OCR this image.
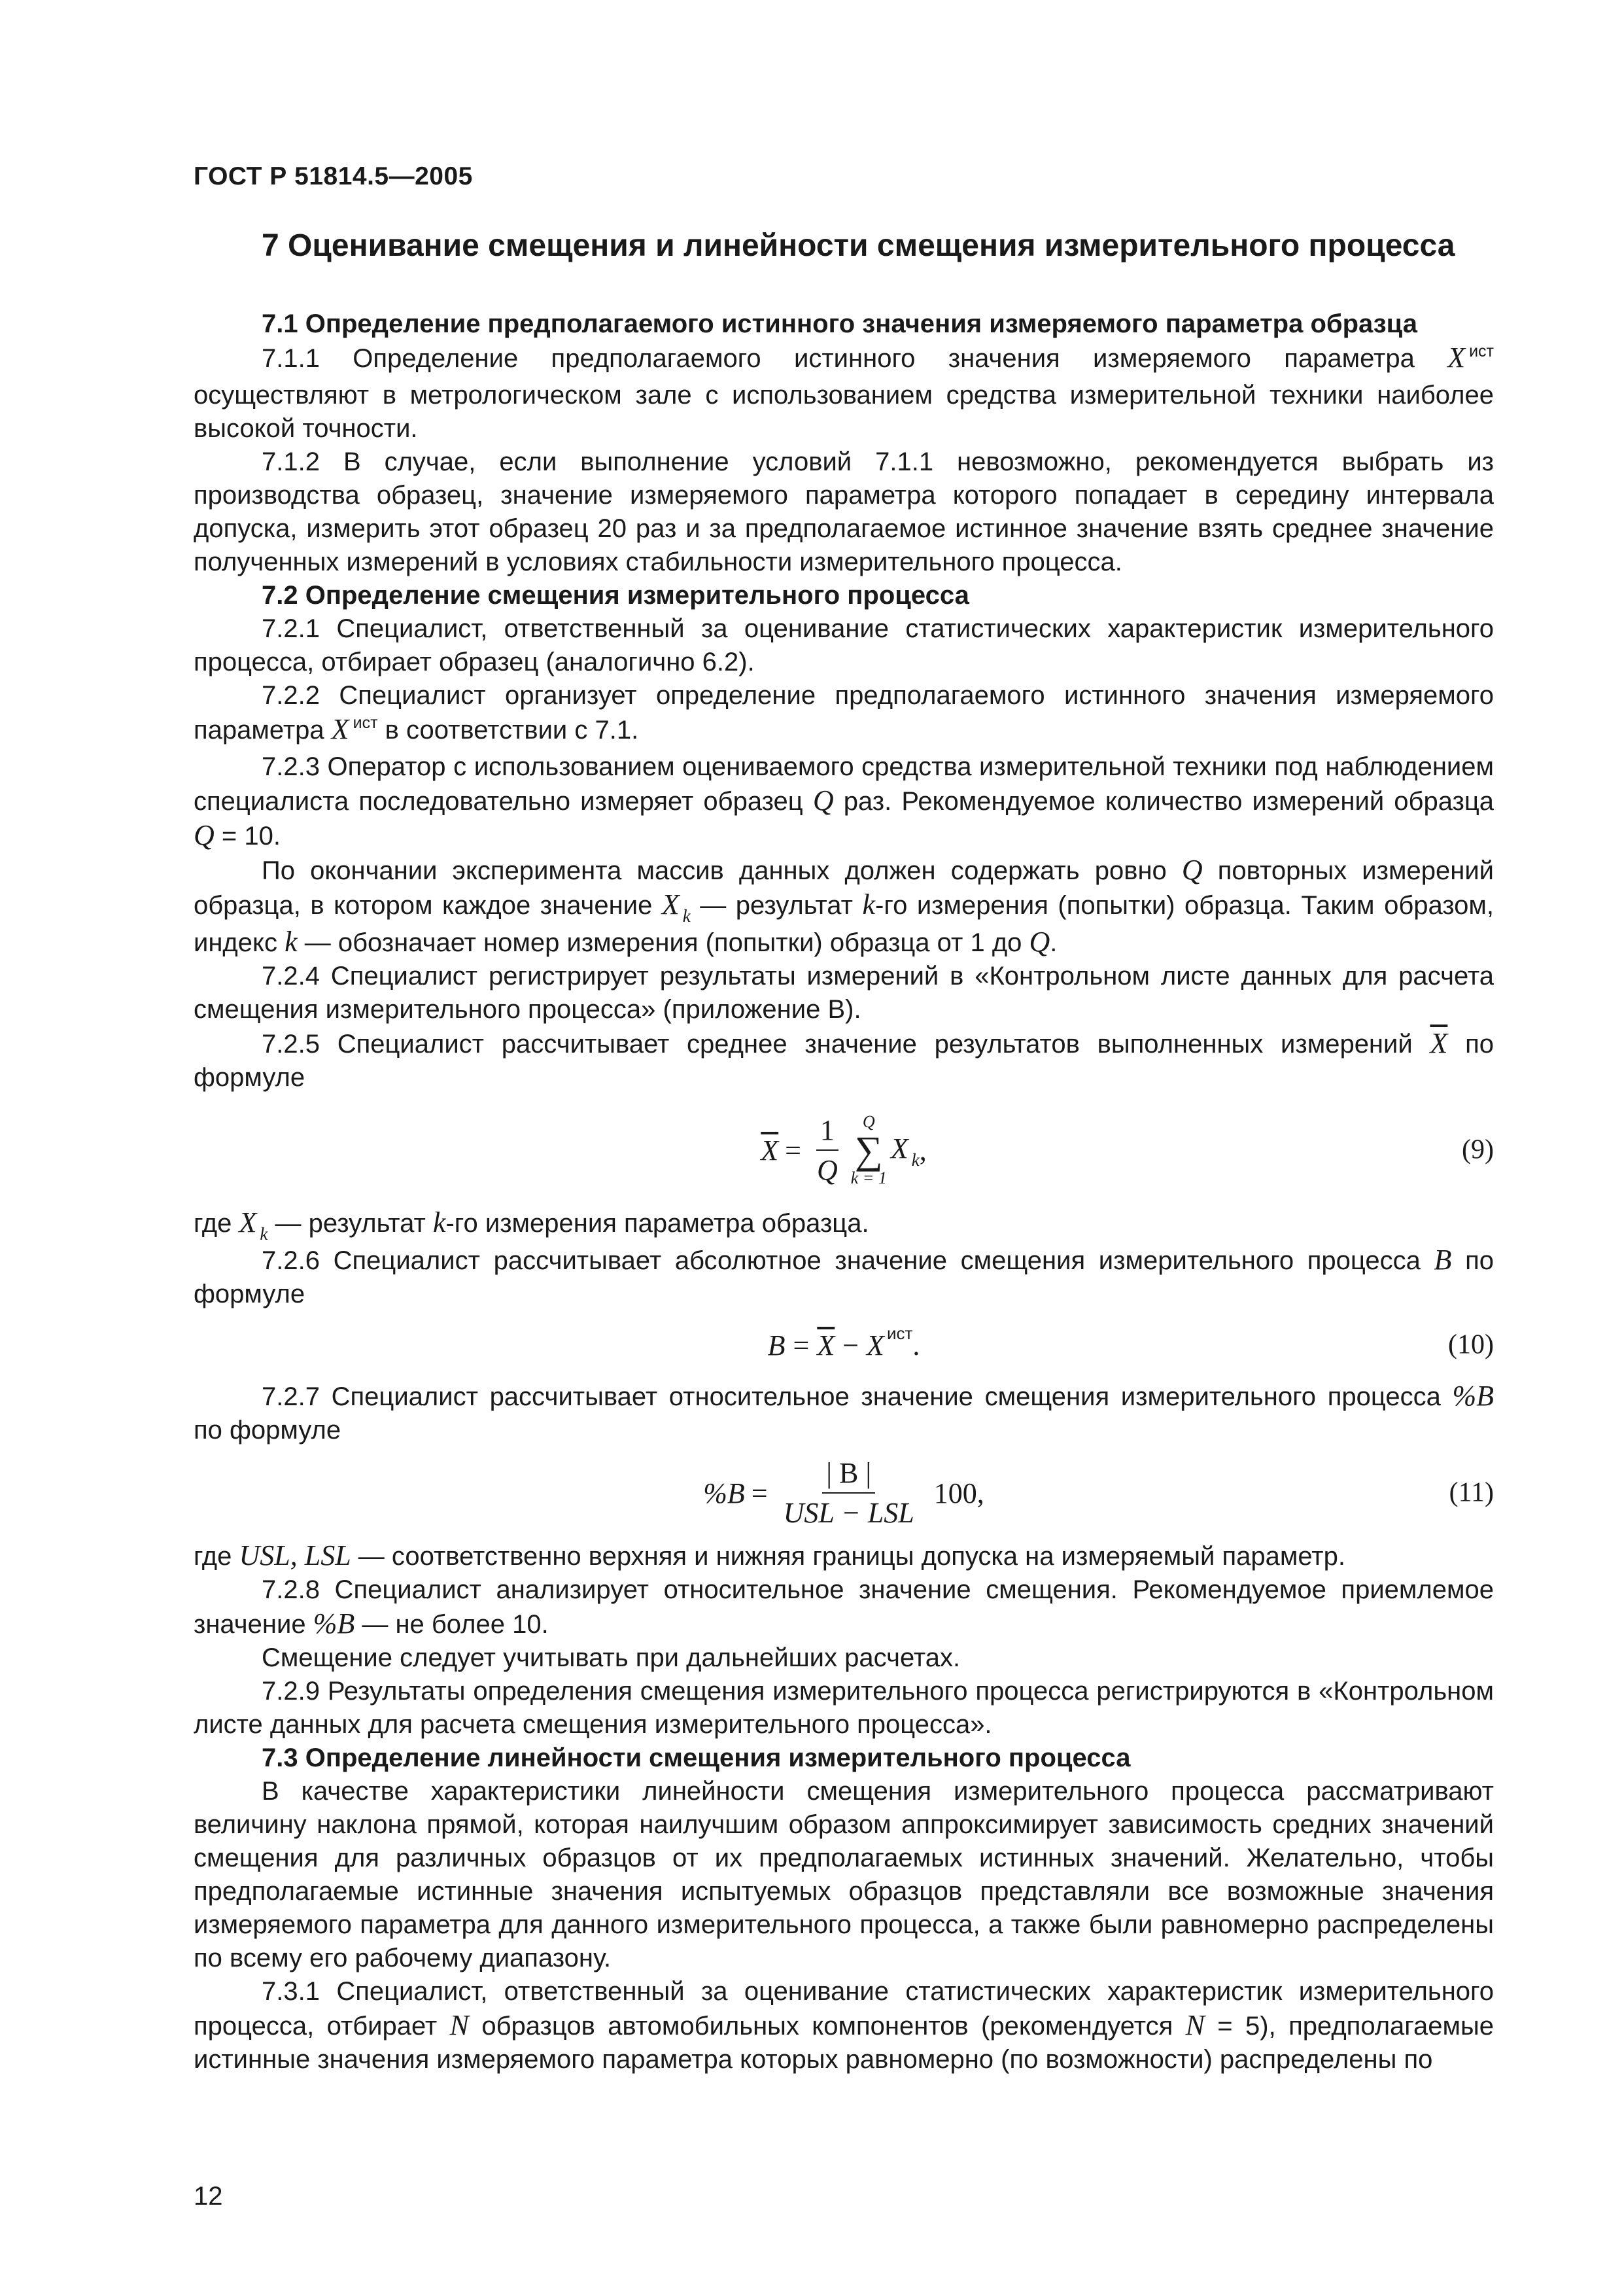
ГОСТ Р 51814.5—2005
7 Оценивание смещения и линейности смещения измерительного процесса

7.1 Определение предполагаемого истинного значения измеряемого параметра образца

7.1.1 Определение предполагаемого истинного значения измеряемого параметра X $^{ист}$ осуществляют в метрологическом зале с использованием средства измерительной техники наиболее высокой точности.

7.1.2 В случае, если выполнение условий 7.1.1 невозможно, рекомендуется выбрать из производства образец, значение измеряемого параметра которого попадает в середину интервала допуска, измерить этот образец 20 раз и за предполагаемое истинное значение взять среднее значение полученных измерений в условиях стабильности измерительного процесса.

7.2 Определение смещения измерительного процесса

7.2.1 Специалист, ответственный за оценивание статистических характеристик измерительного процесса, отбирает образец (аналогично 6.2).

7.2.2 Специалист организует определение предполагаемого истинного значения измеряемого параметра X $^{ист}$ в соответствии с 7.1.

7.2.3 Оператор с использованием оцениваемого средства измерительной техники под наблюдением специалиста последовательно измеряет образец Q раз. Рекомендуемое количество измерений образца Q = 10.

По окончании эксперимента массив данных должен содержать ровно Q повторных измерений образца, в котором каждое значение X $_k$ — результат k-го измерения (попытки) образца. Таким образом, индекс k — обозначает номер измерения (попытки) образца от 1 до Q.

7.2.4 Специалист регистрирует результаты измерений в «Контрольном листе данных для расчета смещения измерительного процесса» (приложение В).

7.2.5 Специалист рассчитывает среднее значение результатов выполненных измерений $\overline{X}$ по формуле

$\overline{X} = \frac{1}{Q}$ Q
∑
k = 1
X $_k$ ,	(9)

где X $_k$ — результат k-го измерения параметра образца.

7.2.6 Специалист рассчитывает абсолютное значение смещения измерительного процесса B по формуле

$B = \overline{X} - X$ ист .	(10)

7.2.7 Специалист рассчитывает относительное значение смещения измерительного процесса %B по формуле

$\%B = \frac{| B |}{\text{USL − LSL}} 100$,	(11)

где USL, LSL — соответственно верхняя и нижняя границы допуска на измеряемый параметр.

7.2.8 Специалист анализирует относительное значение смещения. Рекомендуемое приемлемое значение %B — не более 10.

Смещение следует учитывать при дальнейших расчетах.

7.2.9 Результаты определения смещения измерительного процесса регистрируются в «Контрольном листе данных для расчета смещения измерительного процесса».

7.3 Определение линейности смещения измерительного процесса

В качестве характеристики линейности смещения измерительного процесса рассматривают величину наклона прямой, которая наилучшим образом аппроксимирует зависимость средних значений смещения для различных образцов от их предполагаемых истинных значений. Желательно, чтобы предполагаемые истинные значения испытуемых образцов представляли все возможные значения измеряемого параметра для данного измерительного процесса, а также были равномерно распределены по всему его рабочему диапазону.

7.3.1 Специалист, ответственный за оценивание статистических характеристик измерительного процесса, отбирает N образцов автомобильных компонентов (рекомендуется N = 5), предполагаемые истинные значения измеряемого параметра которых равномерно (по возможности) распределены по

12
